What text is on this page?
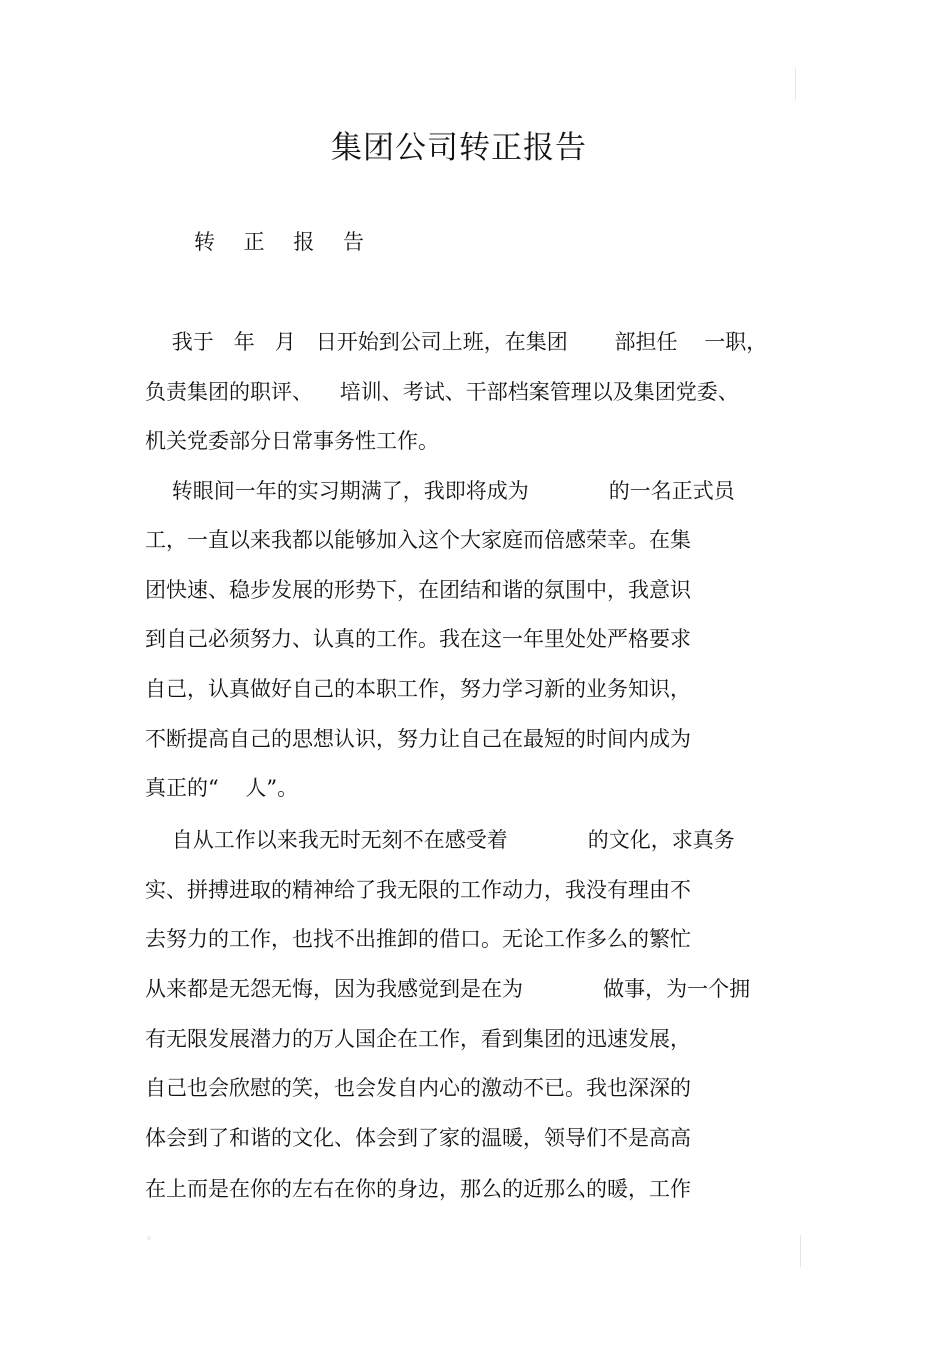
集团公司转正报告
转 正 报 告
我于   年   月   日开始到公司上班，在集团       部担任    一职，
负责集团的职评、    培训、考试、干部档案管理以及集团党委、
机关党委部分日常事务性工作。
转眼间一年的实习期满了，我即将成为            的一名正式员
工，一直以来我都以能够加入这个大家庭而倍感荣幸。在集
团快速、稳步发展的形势下，在团结和谐的氛围中，我意识
到自己必须努力、认真的工作。我在这一年里处处严格要求
自己，认真做好自己的本职工作，努力学习新的业务知识，
不断提高自己的思想认识，努力让自己在最短的时间内成为
真正的“    人”。
自从工作以来我无时无刻不在感受着            的文化，求真务
实、拼搏进取的精神给了我无限的工作动力，我没有理由不
去努力的工作，也找不出推卸的借口。无论工作多么的繁忙
从来都是无怨无悔，因为我感觉到是在为            做事，为一个拥
有无限发展潜力的万人国企在工作，看到集团的迅速发展，
自己也会欣慰的笑，也会发自内心的激动不已。我也深深的
体会到了和谐的文化、体会到了家的温暖，领导们不是高高
在上而是在你的左右在你的身边，那么的近那么的暖，工作
